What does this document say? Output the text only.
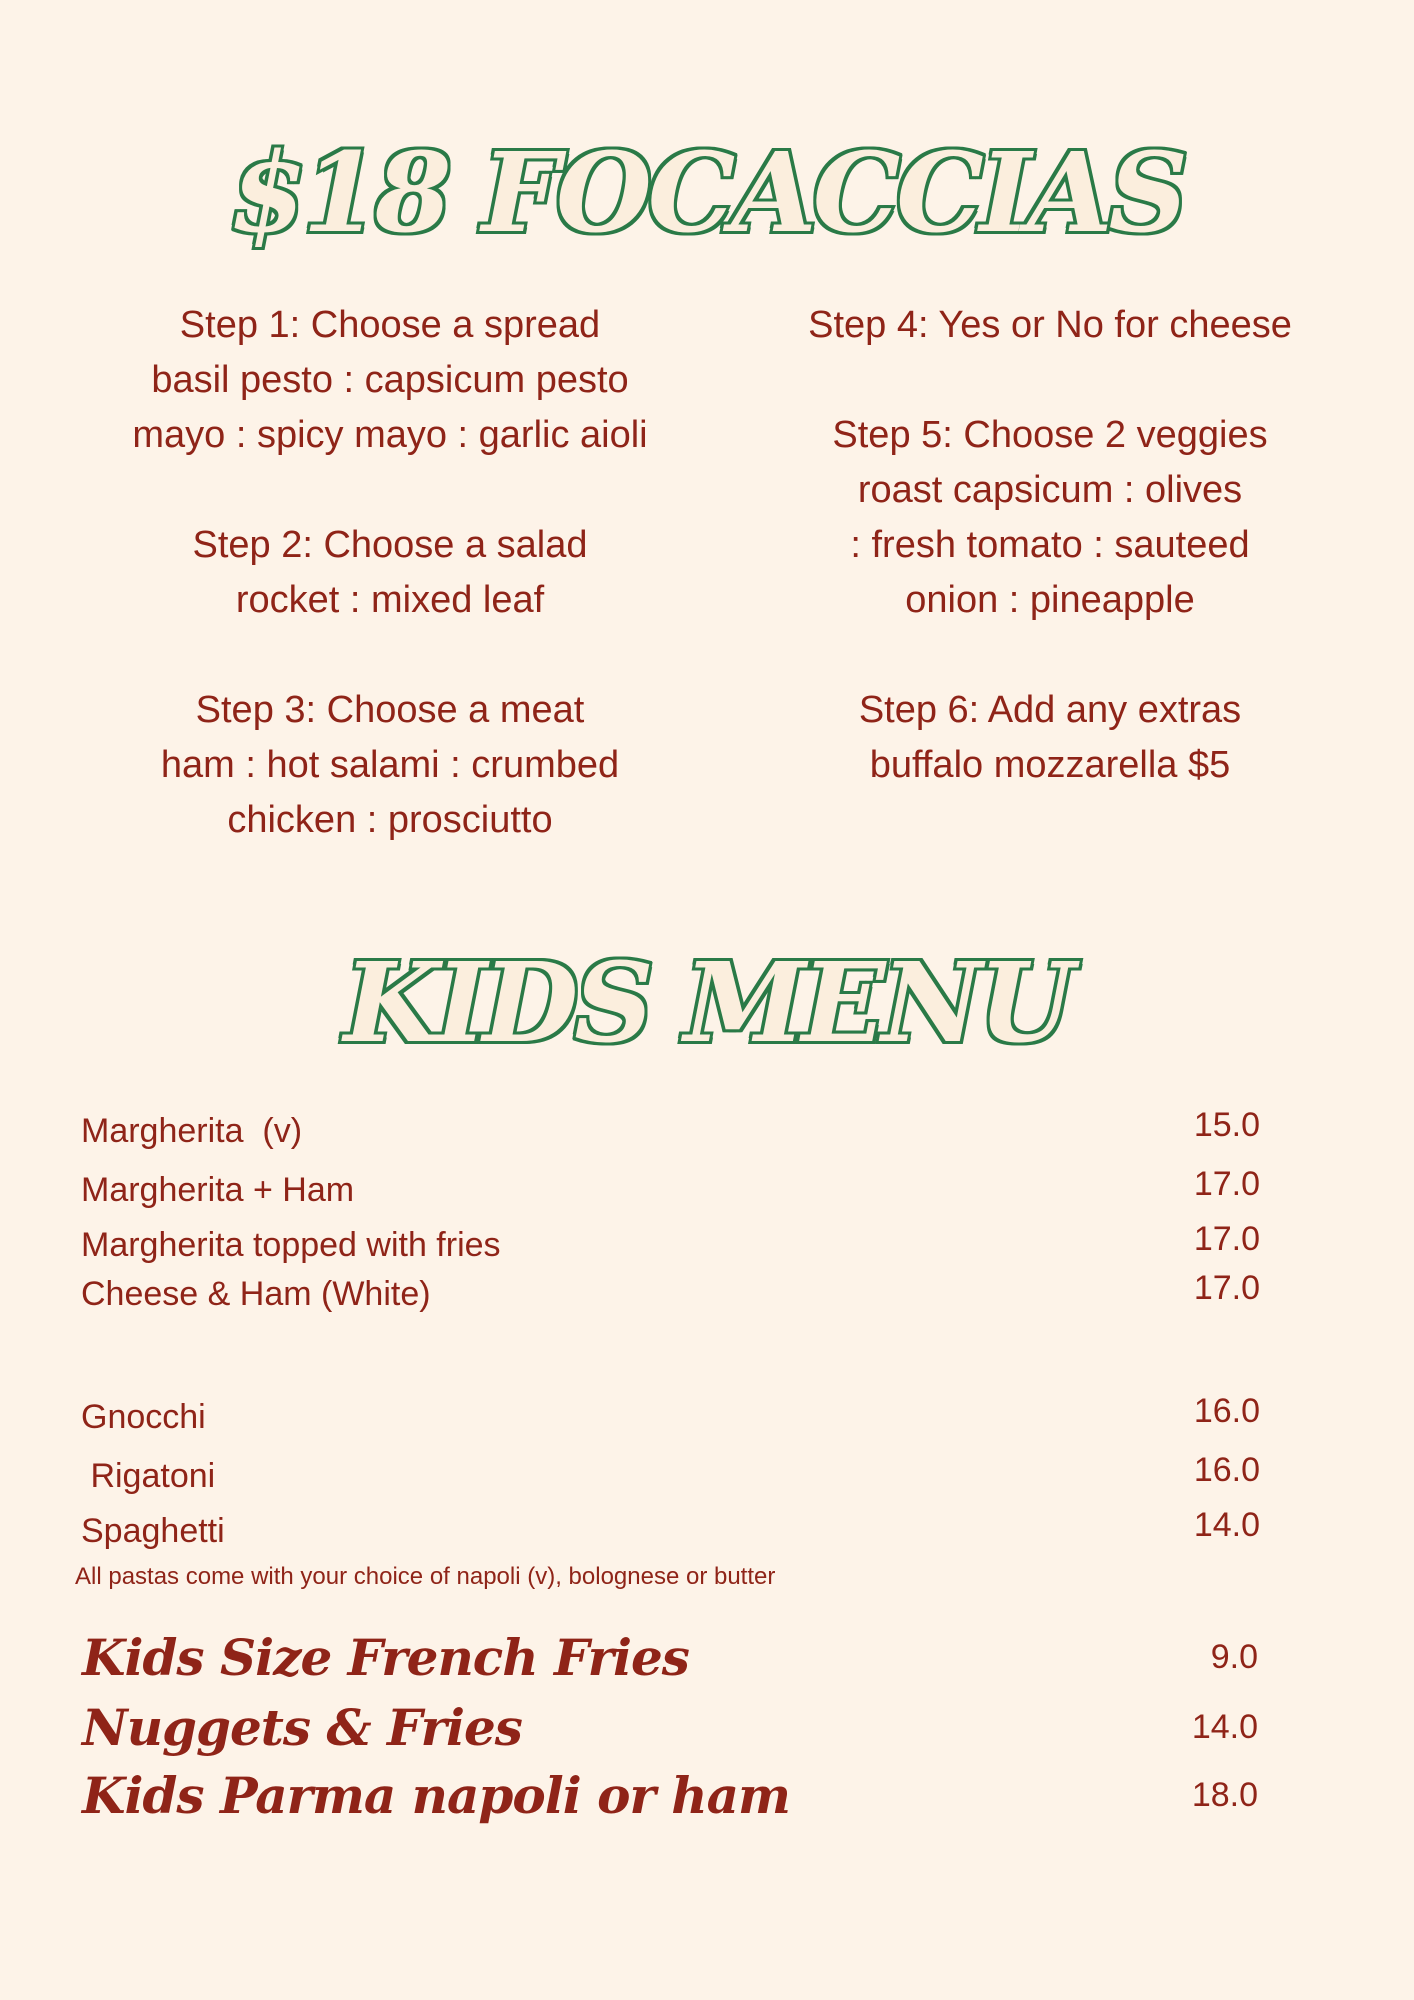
$18 FOCACCIAS

Step 1: Choose a spread

basil pesto : capsicum pesto

mayo : spicy mayo : garlic aioli

Step 2: Choose a salad

rocket : mixed leaf

Step 3: Choose a meat

ham : hot salami : crumbed

chicken : prosciutto

Step 4: Yes or No for cheese

Step 5: Choose 2 veggies

roast capsicum : olives

: fresh tomato : sauteed

onion : pineapple

Step 6: Add any extras

buffalo mozzarella $5

KIDS MENU
Margherita  (v)	15.0
Margherita + Ham	17.0
Margherita topped with fries	17.0
Cheese & Ham (White)	17.0
Gnocchi	16.0
Rigatoni	16.0
Spaghetti	14.0
All pastas come with your choice of napoli (v), bolognese or butter
Kids Size French Fries	9.0
Nuggets & Fries	14.0
Kids Parma napoli or ham	18.0
